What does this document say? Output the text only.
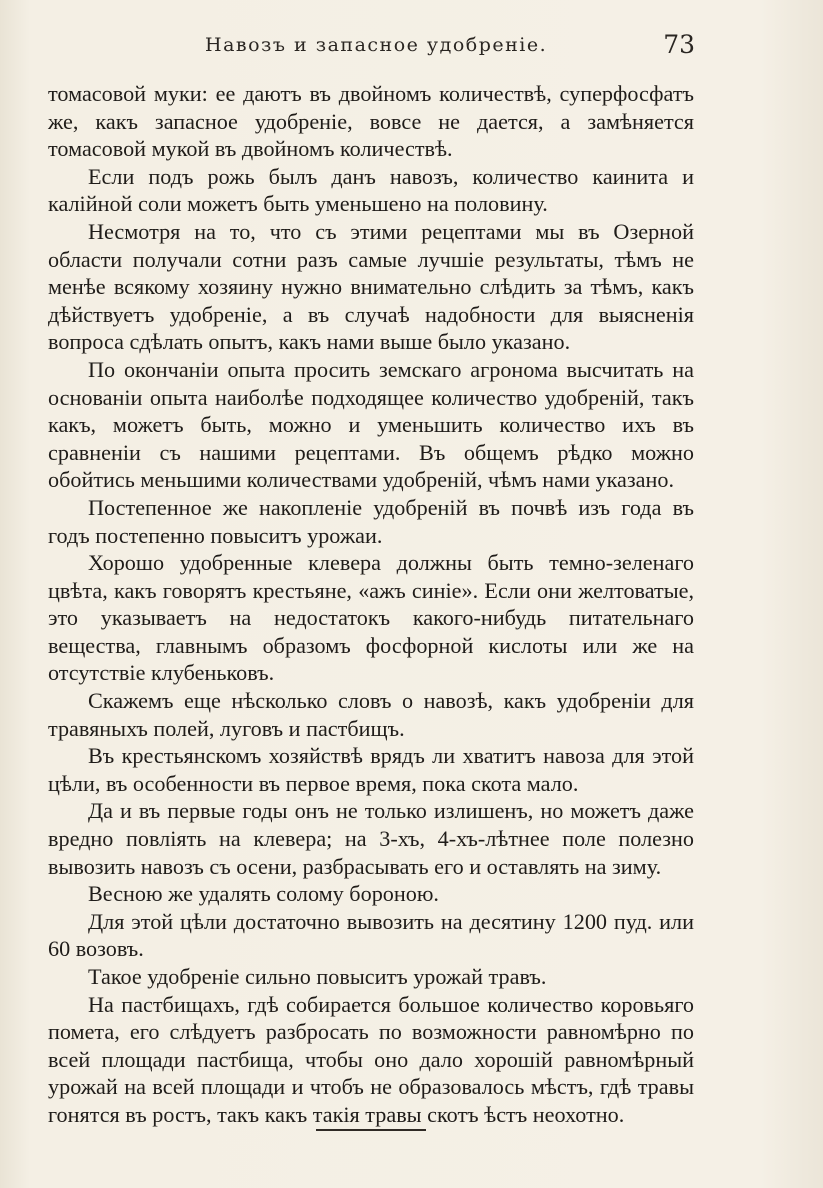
Навозъ и запасное удобреніе.	73

томасовой муки: ее даютъ въ двойномъ количествѣ, суперфосфатъ же, какъ запасное удобреніе, вовсе не дается, а замѣняется томасовой мукой въ двойномъ количествѣ.

Если подъ рожь былъ данъ навозъ, количество каинита и калійной соли можетъ быть уменьшено на половину.

Несмотря на то, что съ этими рецептами мы въ Озерной области получали сотни разъ самые лучшіе результаты, тѣмъ не менѣе всякому хозяину нужно внимательно слѣдить за тѣмъ, какъ дѣйствуетъ удобреніе, а въ случаѣ надобности для выясненія вопроса сдѣлать опытъ, какъ нами выше было указано.

По окончаніи опыта просить земскаго агронома высчитать на основаніи опыта наиболѣе подходящее количество удобреній, такъ какъ, можетъ быть, можно и уменьшить количество ихъ въ сравненіи съ нашими рецептами. Въ общемъ рѣдко можно обойтись меньшими количествами удобреній, чѣмъ нами указано.

Постепенное же накопленіе удобреній въ почвѣ изъ года въ годъ постепенно повыситъ урожаи.

Хорошо удобренные клевера должны быть темно-зеленаго цвѣта, какъ говорятъ крестьяне, «ажъ синіе». Если они желтоватые, это указываетъ на недостатокъ какого-нибудь питательнаго вещества, главнымъ образомъ фосфорной кислоты или же на отсутствіе клубеньковъ.

Скажемъ еще нѣсколько словъ о навозѣ, какъ удобреніи для травяныхъ полей, луговъ и пастбищъ.

Въ крестьянскомъ хозяйствѣ врядъ ли хватитъ навоза для этой цѣли, въ особенности въ первое время, пока скота мало.

Да и въ первые годы онъ не только излишенъ, но можетъ даже вредно повліять на клевера; на 3-хъ, 4-хъ-лѣтнее поле полезно вывозить навозъ съ осени, разбрасывать его и оставлять на зиму.

Весною же удалять солому бороною.

Для этой цѣли достаточно вывозить на десятину 1200 пуд. или 60 возовъ.

Такое удобреніе сильно повыситъ урожай травъ.

На пастбищахъ, гдѣ собирается большое количество коровьяго помета, его слѣдуетъ разбросать по возможности равномѣрно по всей площади пастбища, чтобы оно дало хорошій равномѣрный урожай на всей площади и чтобъ не образовалось мѣстъ, гдѣ травы гонятся въ ростъ, такъ какъ такія травы скотъ ѣстъ неохотно.
